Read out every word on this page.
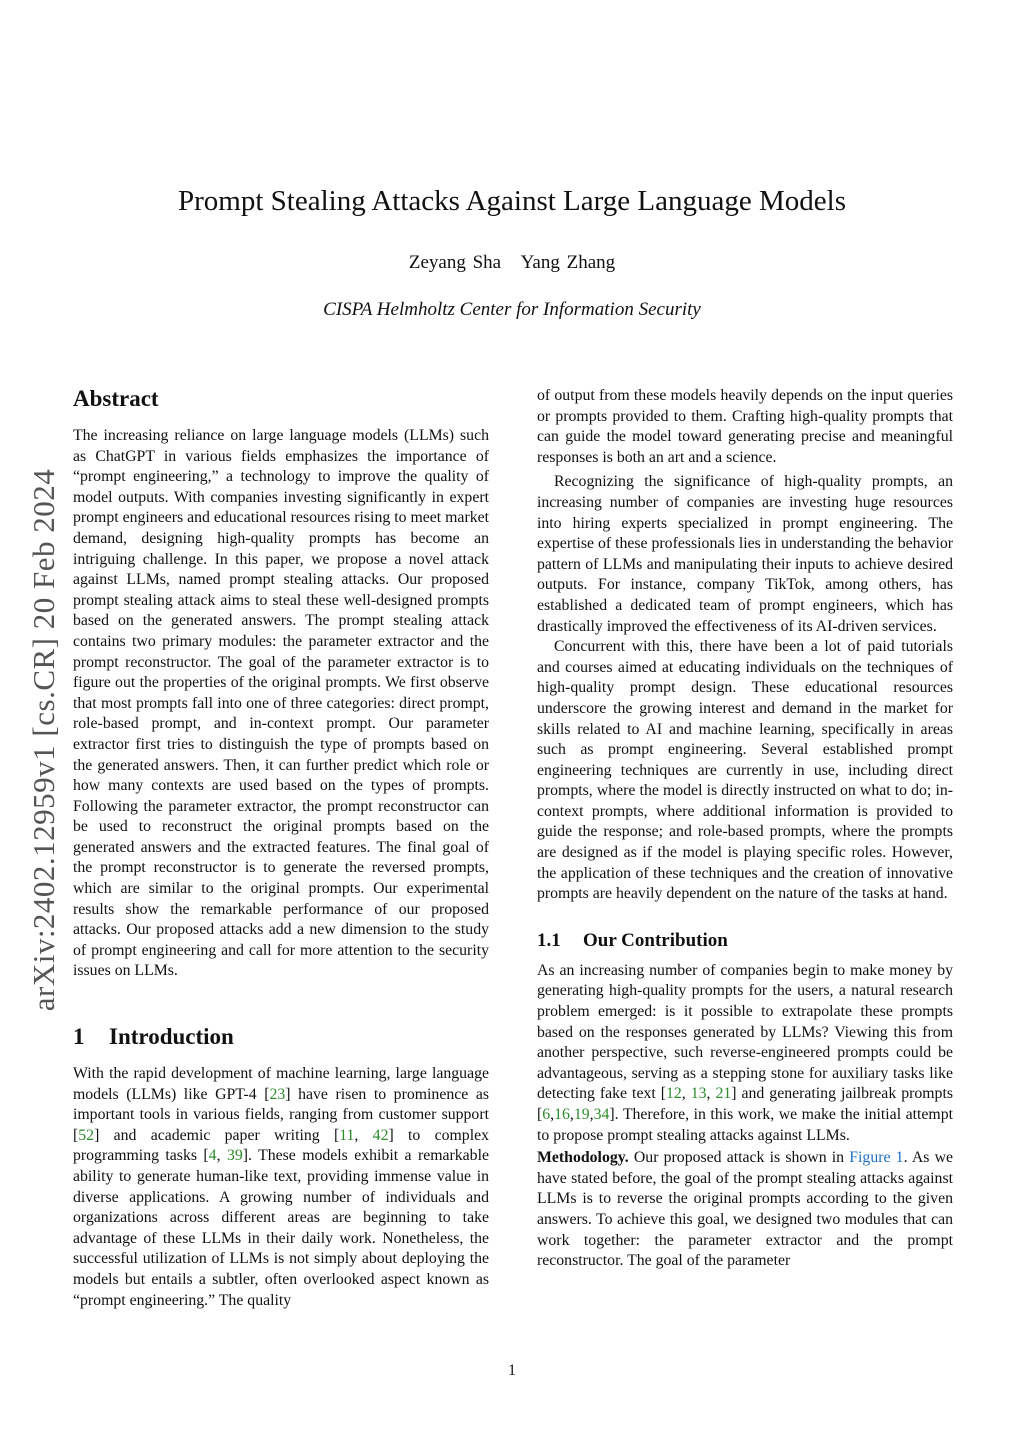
arXiv:2402.12959v1 [cs.CR] 20 Feb 2024
Prompt Stealing Attacks Against Large Language Models
Zeyang Sha   Yang Zhang
CISPA Helmholtz Center for Information Security
Abstract

The increasing reliance on large language models (LLMs) such as ChatGPT in various fields emphasizes the importance of “prompt engineering,” a technology to improve the quality of model outputs. With companies investing significantly in expert prompt engineers and educational resources rising to meet market demand, designing high-quality prompts has become an intriguing challenge. In this paper, we propose a novel attack against LLMs, named prompt stealing attacks. Our proposed prompt stealing attack aims to steal these well-designed prompts based on the generated answers. The prompt stealing attack contains two primary modules: the parameter extractor and the prompt reconstructor. The goal of the parameter extractor is to figure out the properties of the original prompts. We first observe that most prompts fall into one of three categories: direct prompt, role-based prompt, and in-context prompt. Our parameter extractor first tries to distinguish the type of prompts based on the generated answers. Then, it can further predict which role or how many contexts are used based on the types of prompts. Following the parameter extractor, the prompt reconstructor can be used to reconstruct the original prompts based on the generated answers and the extracted features. The final goal of the prompt reconstructor is to generate the reversed prompts, which are similar to the original prompts. Our experimental results show the remarkable performance of our proposed attacks. Our proposed attacks add a new dimension to the study of prompt engineering and call for more attention to the security issues on LLMs.

1 Introduction

With the rapid development of machine learning, large language models (LLMs) like GPT-4 [23] have risen to prominence as important tools in various fields, ranging from customer support [52] and academic paper writing [11, 42] to complex programming tasks [4, 39]. These models exhibit a remarkable ability to generate human-like text, providing immense value in diverse applications. A growing number of individuals and organizations across different areas are beginning to take advantage of these LLMs in their daily work. Nonetheless, the successful utilization of LLMs is not simply about deploying the models but entails a subtler, often overlooked aspect known as “prompt engineering.” The quality

of output from these models heavily depends on the input queries or prompts provided to them. Crafting high-quality prompts that can guide the model toward generating precise and meaningful responses is both an art and a science.

Recognizing the significance of high-quality prompts, an increasing number of companies are investing huge resources into hiring experts specialized in prompt engineering. The expertise of these professionals lies in understanding the behavior pattern of LLMs and manipulating their inputs to achieve desired outputs. For instance, company TikTok, among others, has established a dedicated team of prompt engineers, which has drastically improved the effectiveness of its AI-driven services.

Concurrent with this, there have been a lot of paid tutorials and courses aimed at educating individuals on the techniques of high-quality prompt design. These educational resources underscore the growing interest and demand in the market for skills related to AI and machine learning, specifically in areas such as prompt engineering. Several established prompt engineering techniques are currently in use, including direct prompts, where the model is directly instructed on what to do; in-context prompts, where additional information is provided to guide the response; and role-based prompts, where the prompts are designed as if the model is playing specific roles. However, the application of these techniques and the creation of innovative prompts are heavily dependent on the nature of the tasks at hand.

1.1 Our Contribution

As an increasing number of companies begin to make money by generating high-quality prompts for the users, a natural research problem emerged: is it possible to extrapolate these prompts based on the responses generated by LLMs? Viewing this from another perspective, such reverse-engineered prompts could be advantageous, serving as a stepping stone for auxiliary tasks like detecting fake text [12, 13, 21] and generating jailbreak prompts [6,16,19,34]. Therefore, in this work, we make the initial attempt to propose prompt stealing attacks against LLMs.

Methodology. Our proposed attack is shown in Figure 1. As we have stated before, the goal of the prompt stealing attacks against LLMs is to reverse the original prompts according to the given answers. To achieve this goal, we designed two modules that can work together: the parameter extractor and the prompt reconstructor. The goal of the parameter

1
